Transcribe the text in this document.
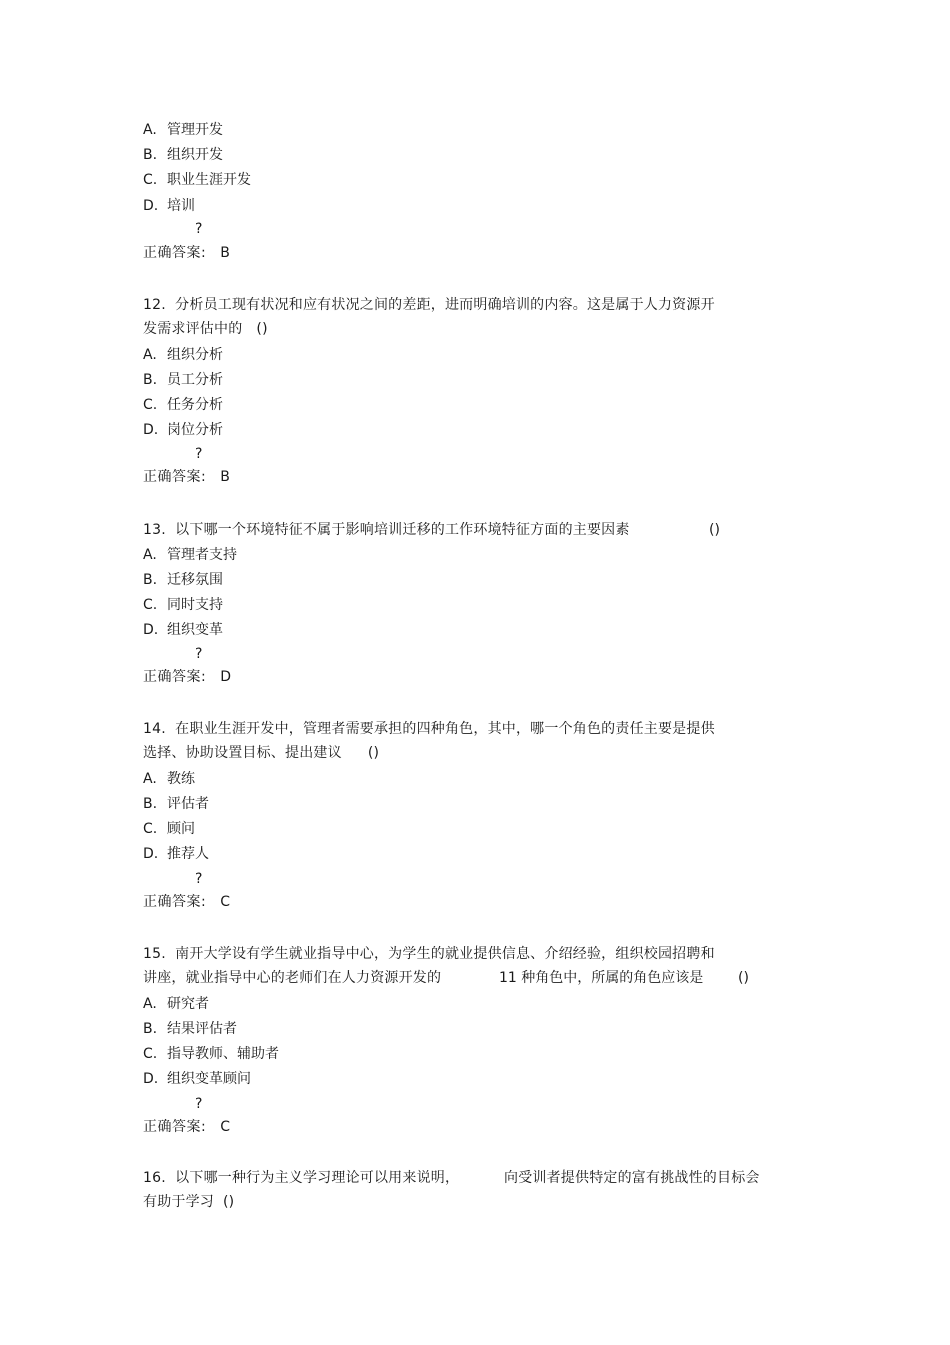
A. 管理开发
B. 组织开发
C. 职业生涯开发
D. 培训
?
正确答案: B
12.  分析员工现有状况和应有状况之间的差距，进而明确培训的内容。这是属于人力资源开
发需求评估中的 ()
A. 组织分析
B. 员工分析
C. 任务分析
D. 岗位分析
?
正确答案: B
13.  以下哪一个环境特征不属于影响培训迁移的工作环境特征方面的主要因素	()
A. 管理者支持
B. 迁移氛围
C. 同时支持
D. 组织变革
?
正确答案: D
14.  在职业生涯开发中，管理者需要承担的四种角色，其中，哪一个角色的责任主要是提供
选择、协助设置目标、提出建议 ()
A. 教练
B. 评估者
C. 顾问
D. 推荐人
?
正确答案: C
15.  南开大学设有学生就业指导中心，为学生的就业提供信息、介绍经验，组织校园招聘和
讲座，就业指导中心的老师们在人力资源开发的	11 种角色中，所属的角色应该是 ()
A. 研究者
B. 结果评估者
C. 指导教师、辅助者
D. 组织变革顾问
?
正确答案: C
16.  以下哪一种行为主义学习理论可以用来说明，	向受训者提供特定的富有挑战性的目标会
有助于学习 ()
